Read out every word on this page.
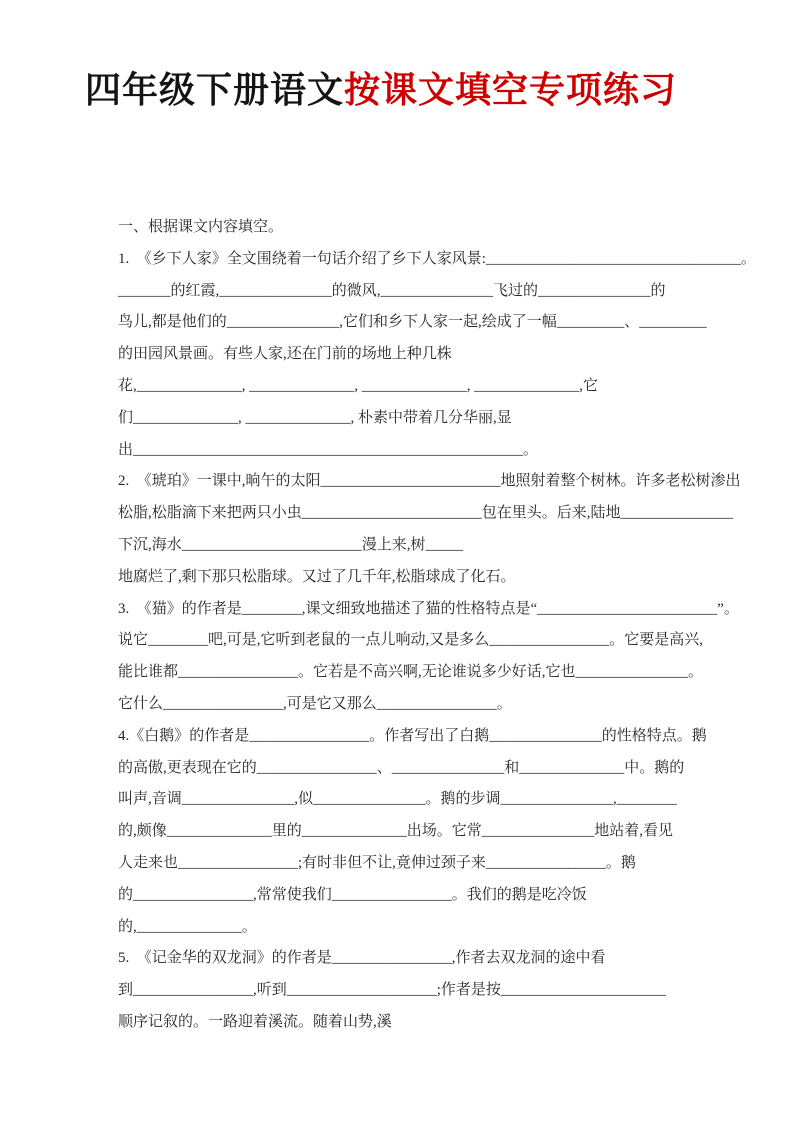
四年级下册语文按课文填空专项练习
一、根据课文内容填空。
1.　《乡下人家》全文围绕着一句话介绍了乡下人家风景:__________________________________。
_______的红霞,_______________的微风,_______________飞过的_______________的
鸟儿,都是他们的_______________,它们和乡下人家一起,绘成了一幅_________、_________
的田园风景画。有些人家,还在门前的场地上种几株
花,______________, ______________, ______________, ______________,它
们______________, ______________, 朴素中带着几分华丽,显
出____________________________________________________。
2.　《琥珀》一课中,晌午的太阳________________________地照射着整个树林。许多老松树渗出
松脂,松脂滴下来把两只小虫________________________包在里头。后来,陆地_______________
下沉,海水________________________漫上来,树_____
地腐烂了,剩下那只松脂球。又过了几千年,松脂球成了化石。
3.　《猫》的作者是________,课文细致地描述了猫的性格特点是“________________________”。
说它________吧,可是,它听到老鼠的一点儿响动,又是多么________________。它要是高兴,
能比谁都________________。它若是不高兴啊,无论谁说多少好话,它也_______________。
它什么________________,可是它又那么________________。
4.《白鹅》的作者是________________。作者写出了白鹅_______________的性格特点。鹅
的高傲,更表现在它的________________、_______________和______________中。鹅的
叫声,音调_______________,似_______________。鹅的步调_______________,________
的,颇像______________里的______________出场。它常_______________地站着,看见
人走来也________________;有时非但不让,竟伸过颈子来________________。鹅
的________________,常常使我们________________。我们的鹅是吃冷饭
的,______________。
5.　《记金华的双龙洞》的作者是________________,作者去双龙洞的途中看
到________________,听到____________________;作者是按______________________
顺序记叙的。一路迎着溪流。随着山势,溪
